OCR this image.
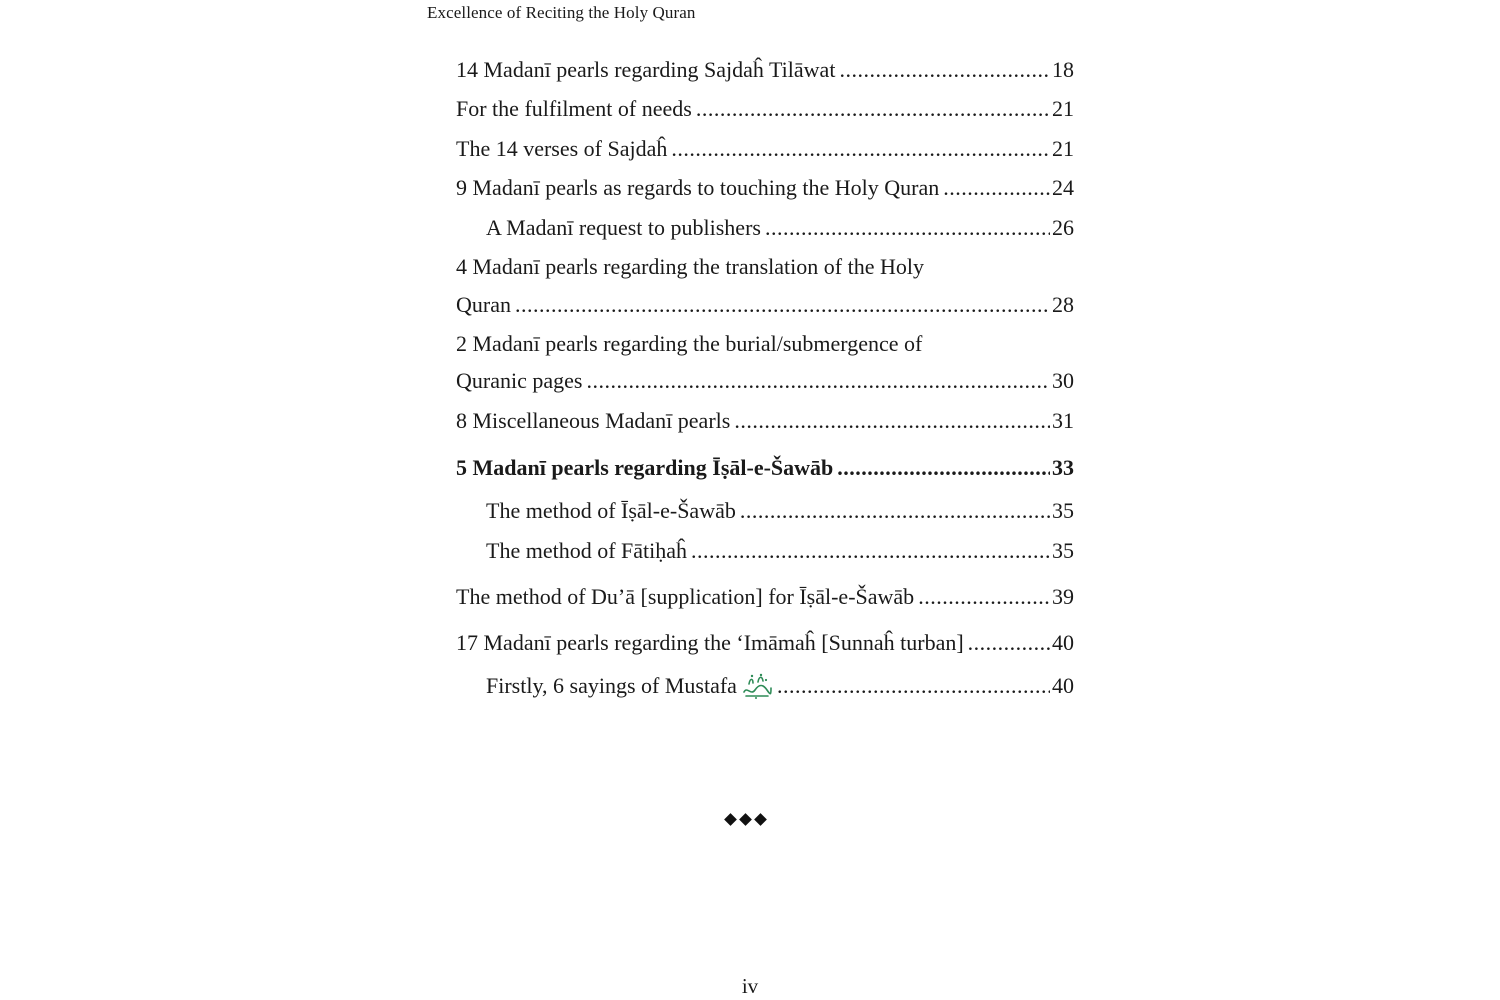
Excellence of Reciting the Holy Quran
14 Madanī pearls regarding Sajdaĥ Tilāwat .....	18
For the fulfilment of needs .....	21
The 14 verses of Sajdaĥ .....	21
9 Madanī pearls as regards to touching the Holy Quran .....	24
A Madanī request to publishers .....	26
4 Madanī pearls regarding the translation of the Holy
Quran .....	28
2 Madanī pearls regarding the burial/submergence of
Quranic pages .....	30
8 Miscellaneous Madanī pearls .....	31
5 Madanī pearls regarding Īṣāl-e-Šawāb .....	33
The method of Īṣāl-e-Šawāb .....	35
The method of Fātiḥaĥ .....	35
The method of Du’ā [supplication] for Īṣāl-e-Šawāb .....	39
17 Madanī pearls regarding the ‘Imāmaĥ [Sunnaĥ turban] .....	40
Firstly, 6 sayings of Mustafa .....	40
iv
